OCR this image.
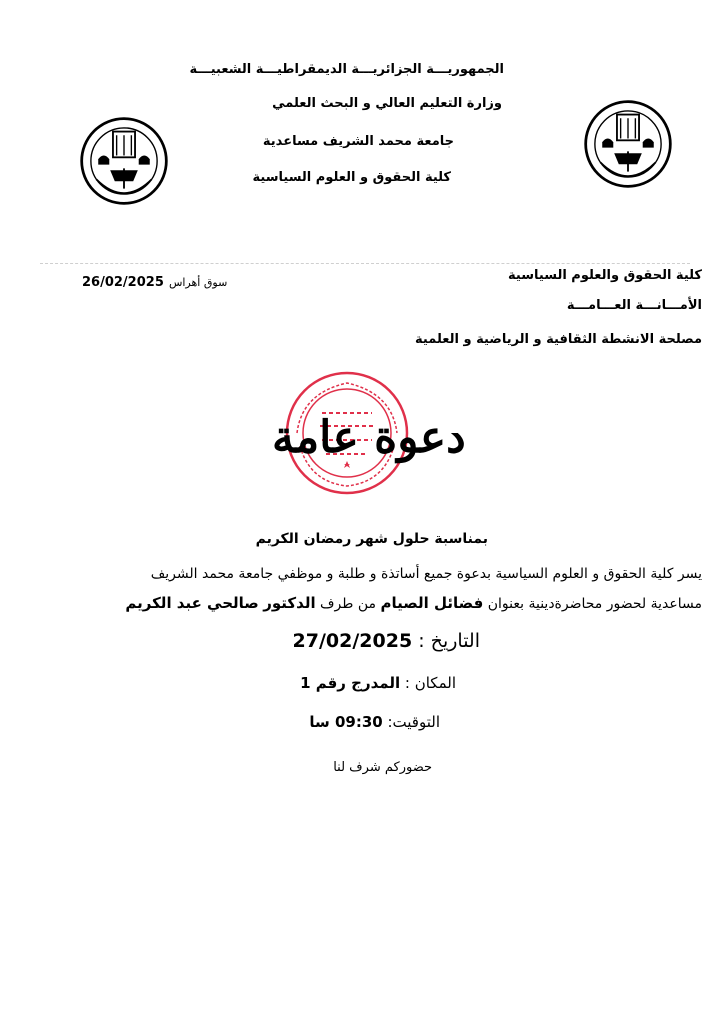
الجمهوريـــة الجزائريـــة الديمقراطيـــة الشعبيـــة
وزارة التعليم العالي و البحث العلمي
جامعة محمد الشريف مساعدية
كلية الحقوق و العلوم السياسية
كلية الحقوق والعلوم السياسية
الأمـــانـــة العـــامـــة
مصلحة الانشطة الثقافية و الرياضية و العلمية
سوق أهراس 26/02/2025
دعوة عامة
بمناسبة حلول شهر رمضان الكريم
يسر كلية الحقوق و العلوم السياسية بدعوة جميع أساتذة و طلبة و موظفي جامعة محمد الشريف
مساعدية لحضور محاضرةدينية بعنوان فضائل الصيام من طرف الدكتور صالحي عبد الكريم
التاريخ : 27/02/2025
المكان : المدرج رقم 1
التوقيت: 09:30 سا
حضوركم شرف لنا
